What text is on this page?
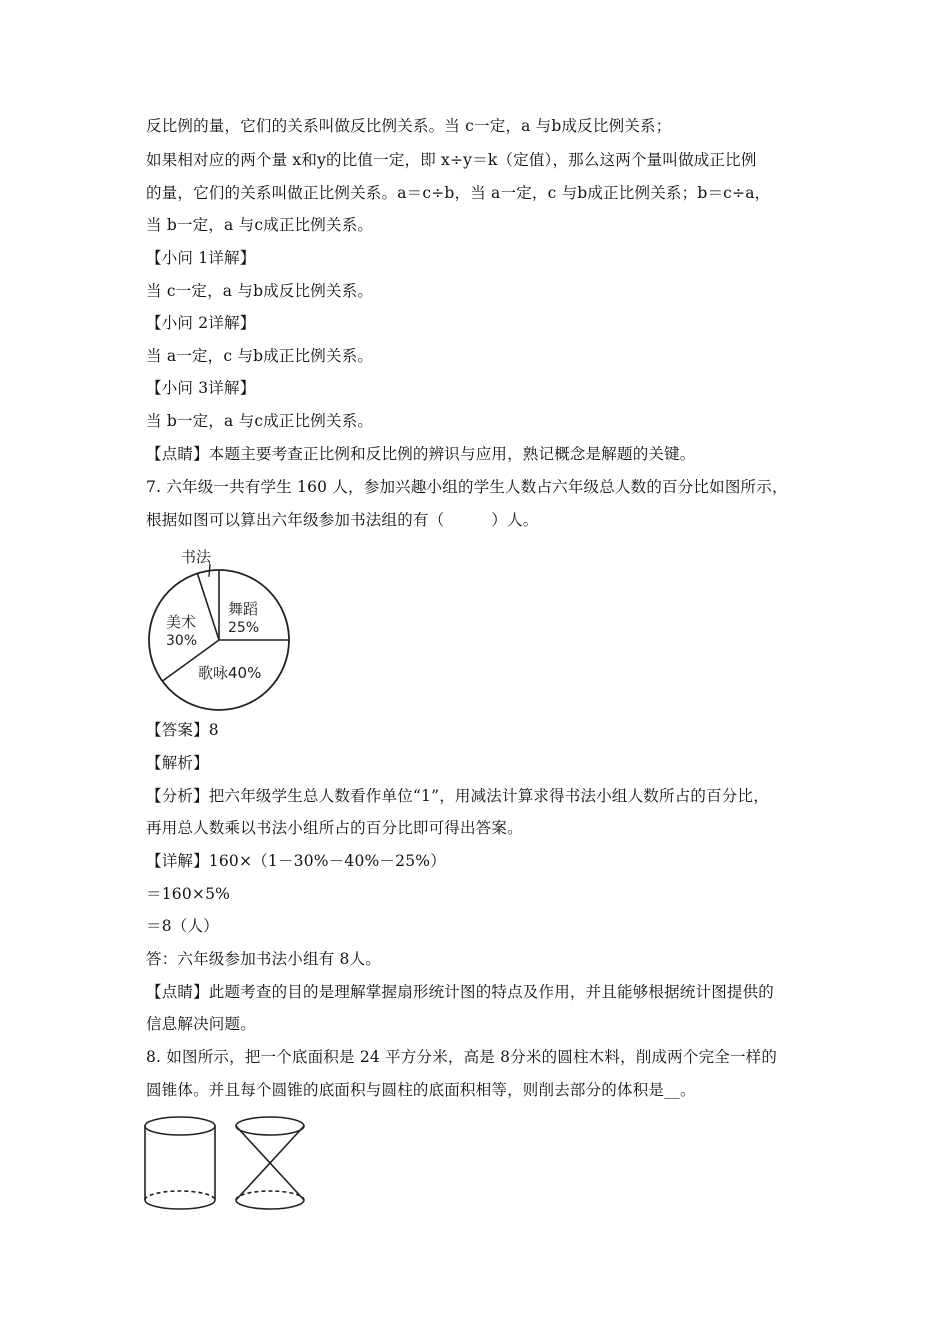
反比例的量，它们的关系叫做反比例关系。当 c一定，a 与b成反比例关系；
如果相对应的两个量 x和y的比值一定，即 x÷y＝k（定值），那么这两个量叫做成正比例
的量，它们的关系叫做正比例关系。a＝c÷b，当 a一定，c 与b成正比例关系；b＝c÷a，
当 b一定，a 与c成正比例关系。
【小问 1详解】
当 c一定，a 与b成反比例关系。
【小问 2详解】
当 a一定，c 与b成正比例关系。
【小问 3详解】
当 b一定，a 与c成正比例关系。
【点睛】本题主要考查正比例和反比例的辨识与应用，熟记概念是解题的关键。
7. 六年级一共有学生 160 人，参加兴趣小组的学生人数占六年级总人数的百分比如图所示，
根据如图可以算出六年级参加书法组的有（　　　）人。
舞蹈
25%
歌咏40%
美术
30%
书法
【答案】8
【解析】
【分析】把六年级学生总人数看作单位“1”，用减法计算求得书法小组人数所占的百分比，
再用总人数乘以书法小组所占的百分比即可得出答案。
【详解】160×（1－30%－40%－25%）
＝160×5%
＝8（人）
答：六年级参加书法小组有 8人。
【点睛】此题考查的目的是理解掌握扇形统计图的特点及作用，并且能够根据统计图提供的
信息解决问题。
8. 如图所示，把一个底面积是 24 平方分米，高是 8分米的圆柱木料，削成两个完全一样的
圆锥体。并且每个圆锥的底面积与圆柱的底面积相等，则削去部分的体积是__。
